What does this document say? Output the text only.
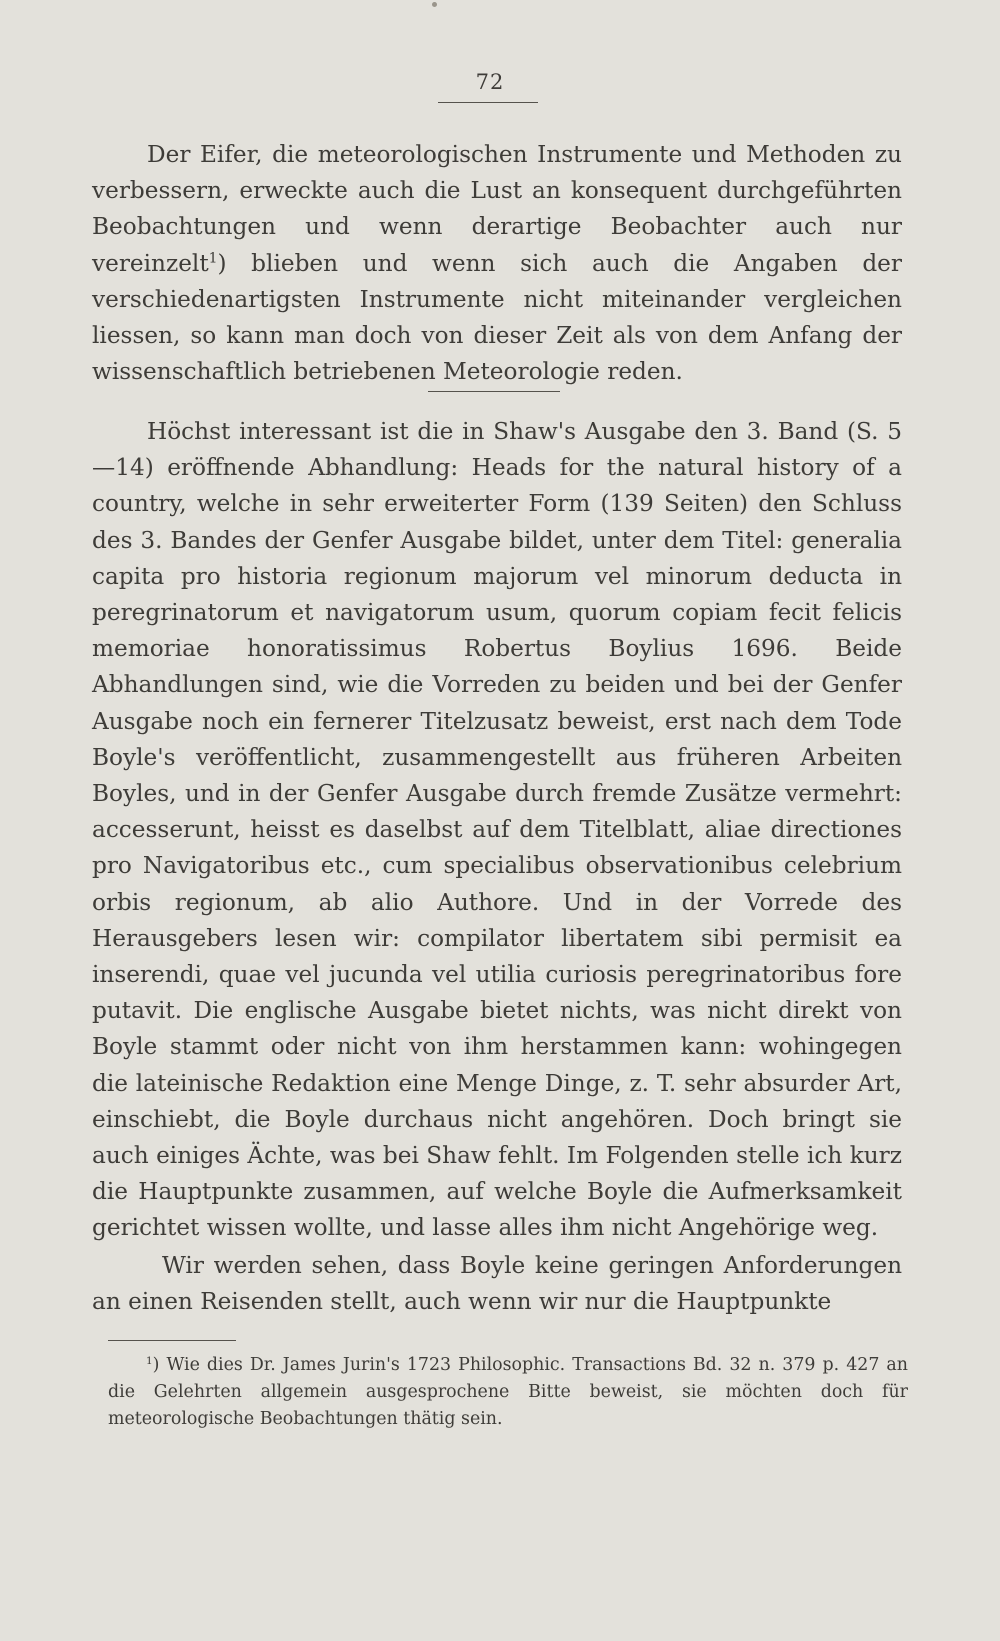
72

Der Eifer, die meteorologischen Instrumente und Methoden zu verbessern, erweckte auch die Lust an konsequent durchgeführten Beobachtungen und wenn derartige Beobachter auch nur vereinzelt$^1$) blieben und wenn sich auch die Angaben der verschiedenartigsten Instrumente nicht miteinander vergleichen liessen, so kann man doch von dieser Zeit als von dem Anfang der wissenschaftlich betriebenen Meteorologie reden.

Höchst interessant ist die in Shaw's Ausgabe den 3. Band (S. 5—14) eröffnende Abhandlung: Heads for the natural history of a country, welche in sehr erweiterter Form (139 Seiten) den Schluss des 3. Bandes der Genfer Ausgabe bildet, unter dem Titel: generalia capita pro historia regionum majorum vel minorum deducta in peregrinatorum et navigatorum usum, quorum copiam fecit felicis memoriae honoratissimus Robertus Boylius 1696. Beide Abhandlungen sind, wie die Vorreden zu beiden und bei der Genfer Ausgabe noch ein fernerer Titelzusatz beweist, erst nach dem Tode Boyle's veröffentlicht, zusammengestellt aus früheren Arbeiten Boyles, und in der Genfer Ausgabe durch fremde Zusätze vermehrt: accesserunt, heisst es daselbst auf dem Titelblatt, aliae directiones pro Navigatoribus etc., cum specialibus observationibus celebrium orbis regionum, ab alio Authore. Und in der Vorrede des Herausgebers lesen wir: compilator libertatem sibi permisit ea inserendi, quae vel jucunda vel utilia curiosis peregrinatoribus fore putavit. Die englische Ausgabe bietet nichts, was nicht direkt von Boyle stammt oder nicht von ihm herstammen kann: wohingegen die lateinische Redaktion eine Menge Dinge, z. T. sehr absurder Art, einschiebt, die Boyle durchaus nicht angehören. Doch bringt sie auch einiges Ächte, was bei Shaw fehlt. Im Folgenden stelle ich kurz die Hauptpunkte zusammen, auf welche Boyle die Aufmerksamkeit gerichtet wissen wollte, und lasse alles ihm nicht Angehörige weg.

Wir werden sehen, dass Boyle keine geringen Anforderungen an einen Reisenden stellt, auch wenn wir nur die Hauptpunkte

$^1$) Wie dies Dr. James Jurin's 1723 Philosophic. Transactions Bd. 32 n. 379 p. 427 an die Gelehrten allgemein ausgesprochene Bitte beweist, sie möchten doch für meteorologische Beobachtungen thätig sein.
